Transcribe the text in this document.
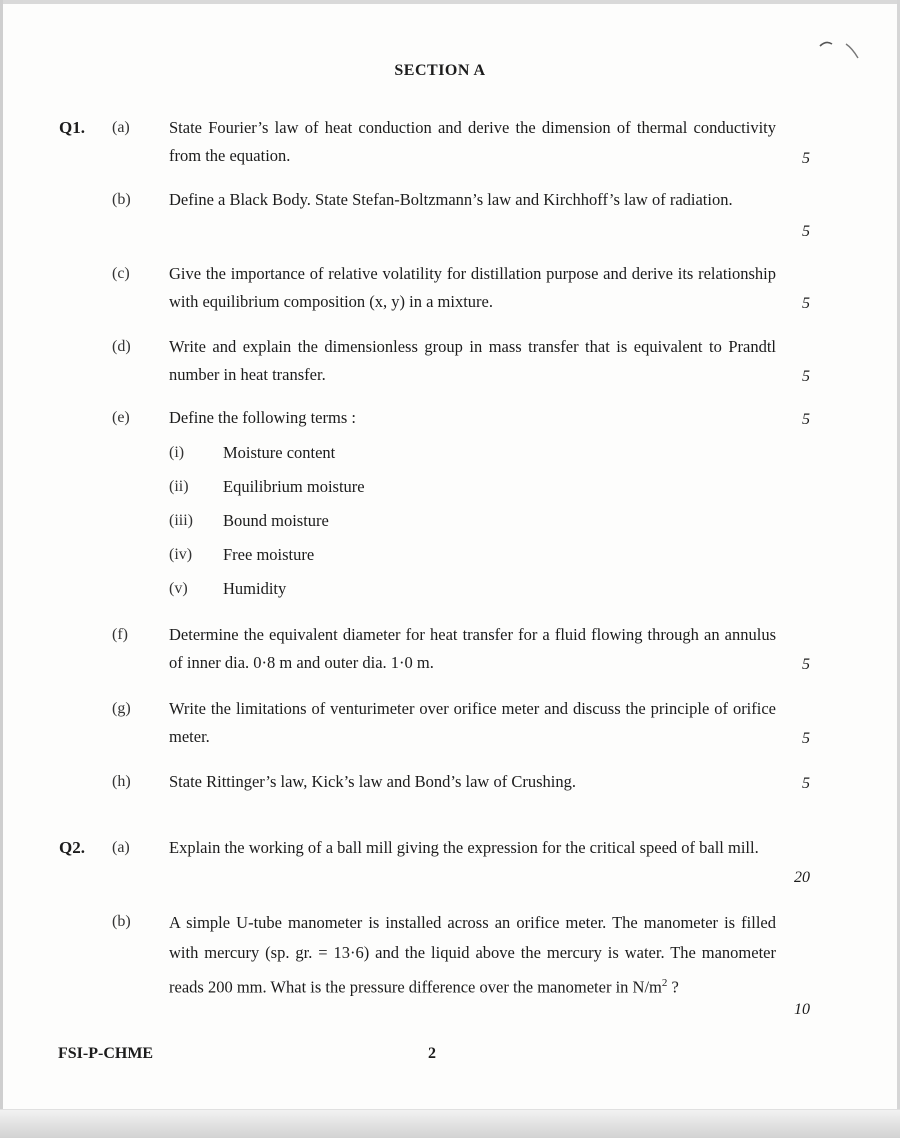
SECTION A
Q1. (a) State Fourier’s law of heat conduction and derive the dimension of thermal conductivity from the equation.	5
(b) Define a Black Body. State Stefan-Boltzmann’s law and Kirchhoff’s law of radiation.
5
(c) Give the importance of relative volatility for distillation purpose and derive its relationship with equilibrium composition (x, y) in a mixture.	5
(d) Write and explain the dimensionless group in mass transfer that is equivalent to Prandtl number in heat transfer.	5
(e) Define the following terms :	5
(i) Moisture content
(ii) Equilibrium moisture
(iii) Bound moisture
(iv) Free moisture
(v) Humidity
(f) Determine the equivalent diameter for heat transfer for a fluid flowing through an annulus of inner dia. 0·8 m and outer dia. 1·0 m.	5
(g) Write the limitations of venturimeter over orifice meter and discuss the principle of orifice meter.	5
(h) State Rittinger’s law, Kick’s law and Bond’s law of Crushing.	5
Q2. (a) Explain the working of a ball mill giving the expression for the critical speed of ball mill.
20
(b) A simple U-tube manometer is installed across an orifice meter. The manometer is filled with mercury (sp. gr. = 13·6) and the liquid above the mercury is water. The manometer reads 200 mm. What is the pressure difference over the manometer in $N/m^2$ ?
10
FSI-P-CHME	2
